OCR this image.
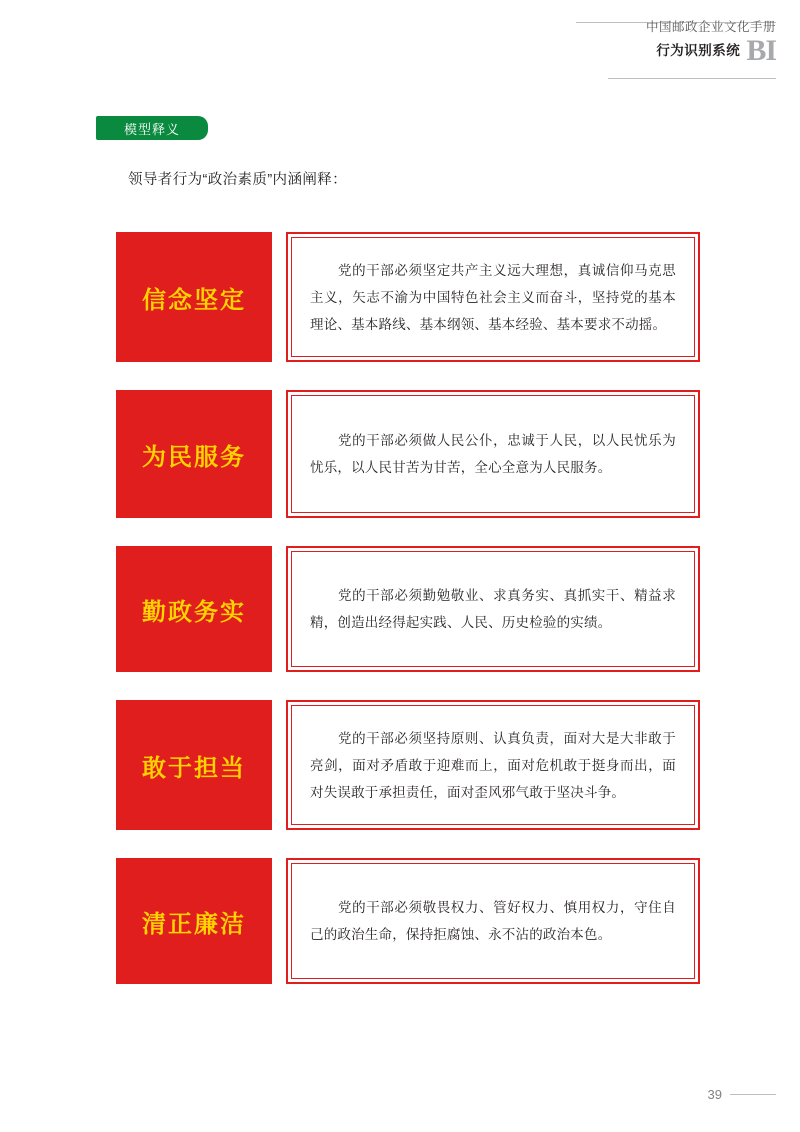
中国邮政企业文化手册
行为识别系统 BI
模型释义
领导者行为“政治素质”内涵阐释：
信念坚定

党的干部必须坚定共产主义远大理想，真诚信仰马克思主义，矢志不渝为中国特色社会主义而奋斗，坚持党的基本理论、基本路线、基本纲领、基本经验、基本要求不动摇。

为民服务

党的干部必须做人民公仆，忠诚于人民，以人民忧乐为忧乐，以人民甘苦为甘苦，全心全意为人民服务。

勤政务实

党的干部必须勤勉敬业、求真务实、真抓实干、精益求精，创造出经得起实践、人民、历史检验的实绩。

敢于担当

党的干部必须坚持原则、认真负责，面对大是大非敢于亮剑，面对矛盾敢于迎难而上，面对危机敢于挺身而出，面对失误敢于承担责任，面对歪风邪气敢于坚决斗争。

清正廉洁

党的干部必须敬畏权力、管好权力、慎用权力，守住自己的政治生命，保持拒腐蚀、永不沾的政治本色。

39
